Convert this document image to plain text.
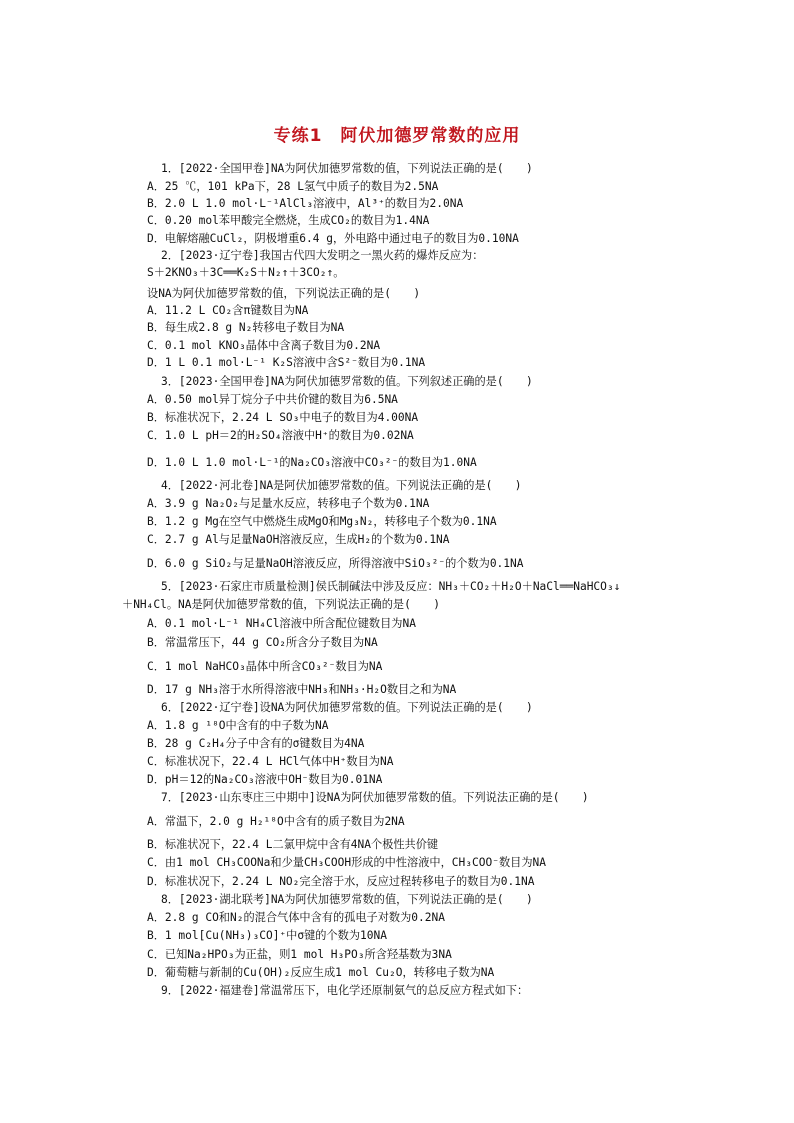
专练1　阿伏加德罗常数的应用
1．[2022·全国甲卷]NA为阿伏加德罗常数的值，下列说法正确的是(　　)
A．25 ℃，101 kPa下，28 L氢气中质子的数目为2.5NA
B．2.0 L 1.0 mol·L⁻¹AlCl₃溶液中，Al³⁺的数目为2.0NA
C．0.20 mol苯甲酸完全燃烧，生成CO₂的数目为1.4NA
D．电解熔融CuCl₂，阴极增重6.4 g，外电路中通过电子的数目为0.10NA
2．[2023·辽宁卷]我国古代四大发明之一黑火药的爆炸反应为：
S＋2KNO₃＋3C══K₂S＋N₂↑＋3CO₂↑。
设NA为阿伏加德罗常数的值，下列说法正确的是(　　)
A．11.2 L CO₂含π键数目为NA
B．每生成2.8 g N₂转移电子数目为NA
C．0.1 mol KNO₃晶体中含离子数目为0.2NA
D．1 L 0.1 mol·L⁻¹ K₂S溶液中含S²⁻数目为0.1NA
3．[2023·全国甲卷]NA为阿伏加德罗常数的值。下列叙述正确的是(　　)
A．0.50 mol异丁烷分子中共价键的数目为6.5NA
B．标准状况下，2.24 L SO₃中电子的数目为4.00NA
C．1.0 L pH＝2的H₂SO₄溶液中H⁺的数目为0.02NA
D．1.0 L 1.0 mol·L⁻¹的Na₂CO₃溶液中CO₃²⁻的数目为1.0NA
4．[2022·河北卷]NA是阿伏加德罗常数的值。下列说法正确的是(　　)
A．3.9 g Na₂O₂与足量水反应，转移电子个数为0.1NA
B．1.2 g Mg在空气中燃烧生成MgO和Mg₃N₂，转移电子个数为0.1NA
C．2.7 g Al与足量NaOH溶液反应，生成H₂的个数为0.1NA
D．6.0 g SiO₂与足量NaOH溶液反应，所得溶液中SiO₃²⁻的个数为0.1NA
5．[2023·石家庄市质量检测]侯氏制碱法中涉及反应：NH₃＋CO₂＋H₂O＋NaCl══NaHCO₃↓
＋NH₄Cl。NA是阿伏加德罗常数的值，下列说法正确的是(　　)
A．0.1 mol·L⁻¹ NH₄Cl溶液中所含配位键数目为NA
B．常温常压下，44 g CO₂所含分子数目为NA
C．1 mol NaHCO₃晶体中所含CO₃²⁻数目为NA
D．17 g NH₃溶于水所得溶液中NH₃和NH₃·H₂O数目之和为NA
6．[2022·辽宁卷]设NA为阿伏加德罗常数的值。下列说法正确的是(　　)
A．1.8 g ¹⁸O中含有的中子数为NA
B．28 g C₂H₄分子中含有的σ键数目为4NA
C．标准状况下，22.4 L HCl气体中H⁺数目为NA
D．pH＝12的Na₂CO₃溶液中OH⁻数目为0.01NA
7．[2023·山东枣庄三中期中]设NA为阿伏加德罗常数的值。下列说法正确的是(　　)
A．常温下，2.0 g H₂¹⁸O中含有的质子数目为2NA
B．标准状况下，22.4 L二氯甲烷中含有4NA个极性共价键
C．由1 mol CH₃COONa和少量CH₃COOH形成的中性溶液中，CH₃COO⁻数目为NA
D．标准状况下，2.24 L NO₂完全溶于水，反应过程转移电子的数目为0.1NA
8．[2023·湖北联考]NA为阿伏加德罗常数的值，下列说法正确的是(　　)
A．2.8 g CO和N₂的混合气体中含有的孤电子对数为0.2NA
B．1 mol[Cu(NH₃)₃CO]⁺中σ键的个数为10NA
C．已知Na₂HPO₃为正盐，则1 mol H₃PO₃所含羟基数为3NA
D．葡萄糖与新制的Cu(OH)₂反应生成1 mol Cu₂O，转移电子数为NA
9．[2022·福建卷]常温常压下，电化学还原制氨气的总反应方程式如下：
